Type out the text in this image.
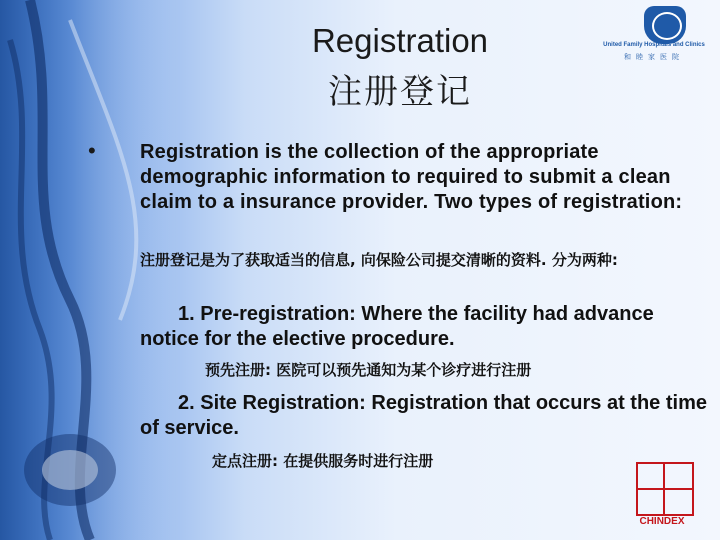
Registration
注册登记
United Family Hospitals and Clinics
和睦家医院
• Registration is the collection of the appropriate demographic information to required to submit a clean claim to a insurance provider. Two types of registration:
注册登记是为了获取适当的信息, 向保险公司提交清晰的资料. 分为两种:
1. Pre-registration: Where the facility had advance notice for the elective procedure.
预先注册: 医院可以预先通知为某个诊疗进行注册
2. Site Registration: Registration that occurs at the time of service.
定点注册: 在提供服务时进行注册
CHINDEX
